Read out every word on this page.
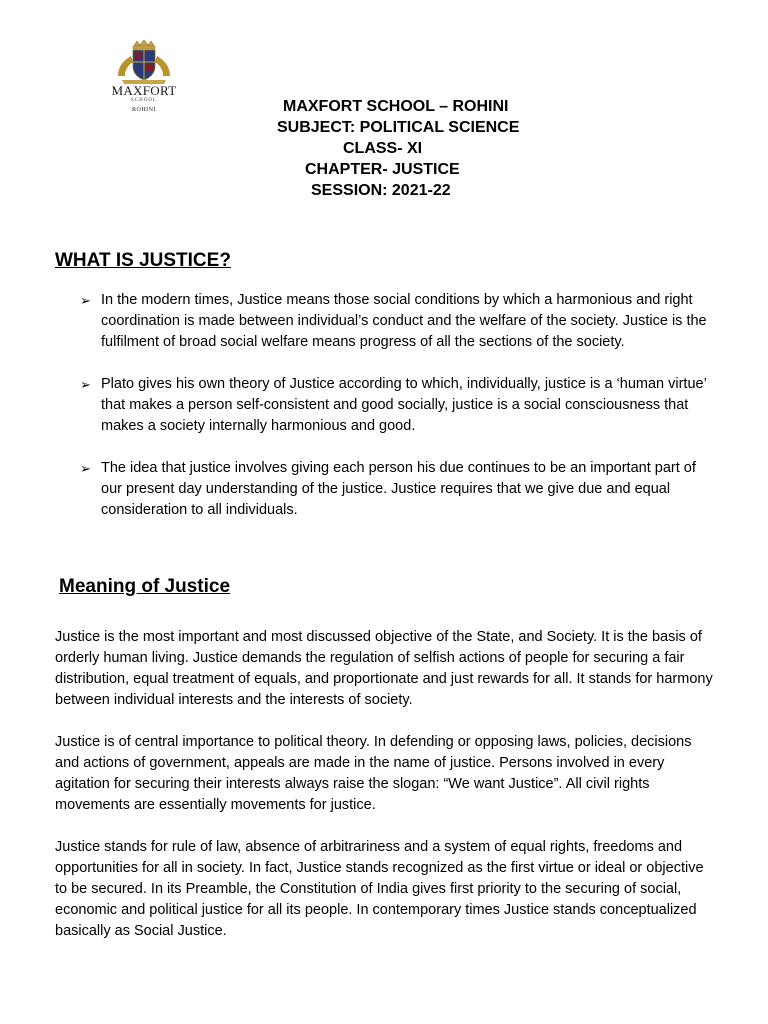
MAXFORT
SCHOOL
ROHINI	MAXFORT SCHOOL – ROHINI
SUBJECT: POLITICAL SCIENCE
CLASS- XI
CHAPTER- JUSTICE
SESSION: 2021-22
WHAT IS JUSTICE?
➢ In the modern times, Justice means those social conditions by which a harmonious and right coordination is made between individual’s conduct and the welfare of the society. Justice is the fulfilment of broad social welfare means progress of all the sections of the society.
➢ Plato gives his own theory of Justice according to which, individually, justice is a ‘human virtue’ that makes a person self-consistent and good socially, justice is a social consciousness that makes a society internally harmonious and good.
➢ The idea that justice involves giving each person his due continues to be an important part of our present day understanding of the justice. Justice requires that we give due and equal consideration to all individuals.
Meaning of Justice

Justice is the most important and most discussed objective of the State, and Society. It is the basis of orderly human living. Justice demands the regulation of selfish actions of people for securing a fair distribution, equal treatment of equals, and proportionate and just rewards for all. It stands for harmony between individual interests and the interests of society.

Justice is of central importance to political theory. In defending or opposing laws, policies, decisions and actions of government, appeals are made in the name of justice. Persons involved in every agitation for securing their interests always raise the slogan: “We want Justice”. All civil rights movements are essentially movements for justice.

Justice stands for rule of law, absence of arbitrariness and a system of equal rights, freedoms and opportunities for all in society. In fact, Justice stands recognized as the first virtue or ideal or objective to be secured. In its Preamble, the Constitution of India gives first priority to the securing of social, economic and political justice for all its people. In contemporary times Justice stands conceptualized basically as Social Justice.
